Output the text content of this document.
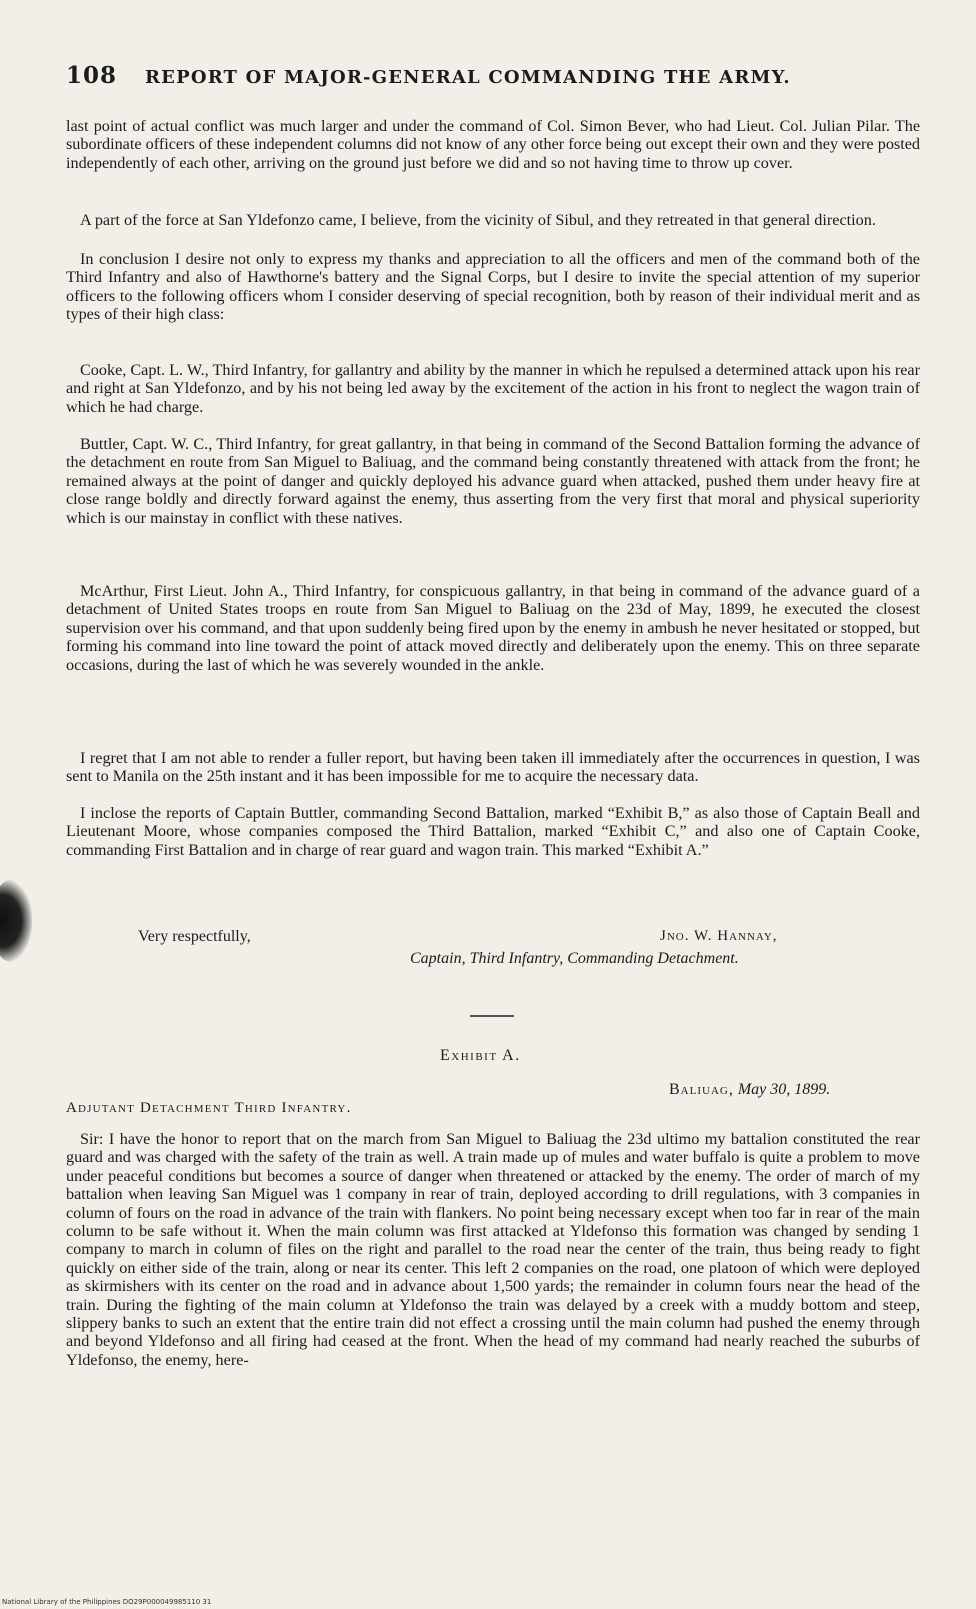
108 REPORT OF MAJOR-GENERAL COMMANDING THE ARMY.

last point of actual conflict was much larger and under the command of Col. Simon Bever, who had Lieut. Col. Julian Pilar. The subordinate officers of these independent columns did not know of any other force being out except their own and they were posted independently of each other, arriving on the ground just before we did and so not having time to throw up cover.

A part of the force at San Yldefonzo came, I believe, from the vicinity of Sibul, and they retreated in that general direction.

In conclusion I desire not only to express my thanks and appreciation to all the officers and men of the command both of the Third Infantry and also of Hawthorne's battery and the Signal Corps, but I desire to invite the special attention of my superior officers to the following officers whom I consider deserving of special recognition, both by reason of their individual merit and as types of their high class:

Cooke, Capt. L. W., Third Infantry, for gallantry and ability by the manner in which he repulsed a determined attack upon his rear and right at San Yldefonzo, and by his not being led away by the excitement of the action in his front to neglect the wagon train of which he had charge.

Buttler, Capt. W. C., Third Infantry, for great gallantry, in that being in command of the Second Battalion forming the advance of the detachment en route from San Miguel to Baliuag, and the command being constantly threatened with attack from the front; he remained always at the point of danger and quickly deployed his advance guard when attacked, pushed them under heavy fire at close range boldly and directly forward against the enemy, thus asserting from the very first that moral and physical superiority which is our mainstay in conflict with these natives.

McArthur, First Lieut. John A., Third Infantry, for conspicuous gallantry, in that being in command of the advance guard of a detachment of United States troops en route from San Miguel to Baliuag on the 23d of May, 1899, he executed the closest supervision over his command, and that upon suddenly being fired upon by the enemy in ambush he never hesitated or stopped, but forming his command into line toward the point of attack moved directly and deliberately upon the enemy. This on three separate occasions, during the last of which he was severely wounded in the ankle.

I regret that I am not able to render a fuller report, but having been taken ill immediately after the occurrences in question, I was sent to Manila on the 25th instant and it has been impossible for me to acquire the necessary data.

I inclose the reports of Captain Buttler, commanding Second Battalion, marked “Exhibit B,” as also those of Captain Beall and Lieutenant Moore, whose companies composed the Third Battalion, marked “Exhibit C,” and also one of Captain Cooke, commanding First Battalion and in charge of rear guard and wagon train. This marked “Exhibit A.”

Very respectfully,	Jno. W. Hannay,
Captain, Third Infantry, Commanding Detachment.
Exhibit A.
Baliuag, May 30, 1899.
Adjutant Detachment Third Infantry.

Sir: I have the honor to report that on the march from San Miguel to Baliuag the 23d ultimo my battalion constituted the rear guard and was charged with the safety of the train as well. A train made up of mules and water buffalo is quite a problem to move under peaceful conditions but becomes a source of danger when threatened or attacked by the enemy. The order of march of my battalion when leaving San Miguel was 1 company in rear of train, deployed according to drill regulations, with 3 companies in column of fours on the road in advance of the train with flankers. No point being necessary except when too far in rear of the main column to be safe without it. When the main column was first attacked at Yldefonso this formation was changed by sending 1 company to march in column of files on the right and parallel to the road near the center of the train, thus being ready to fight quickly on either side of the train, along or near its center. This left 2 companies on the road, one platoon of which were deployed as skirmishers with its center on the road and in advance about 1,500 yards; the remainder in column fours near the head of the train. During the fighting of the main column at Yldefonso the train was delayed by a creek with a muddy bottom and steep, slippery banks to such an extent that the entire train did not effect a crossing until the main column had pushed the enemy through and beyond Yldefonso and all firing had ceased at the front. When the head of my command had nearly reached the suburbs of Yldefonso, the enemy, here-

National Library of the Philippines DO29P000049985110 31
